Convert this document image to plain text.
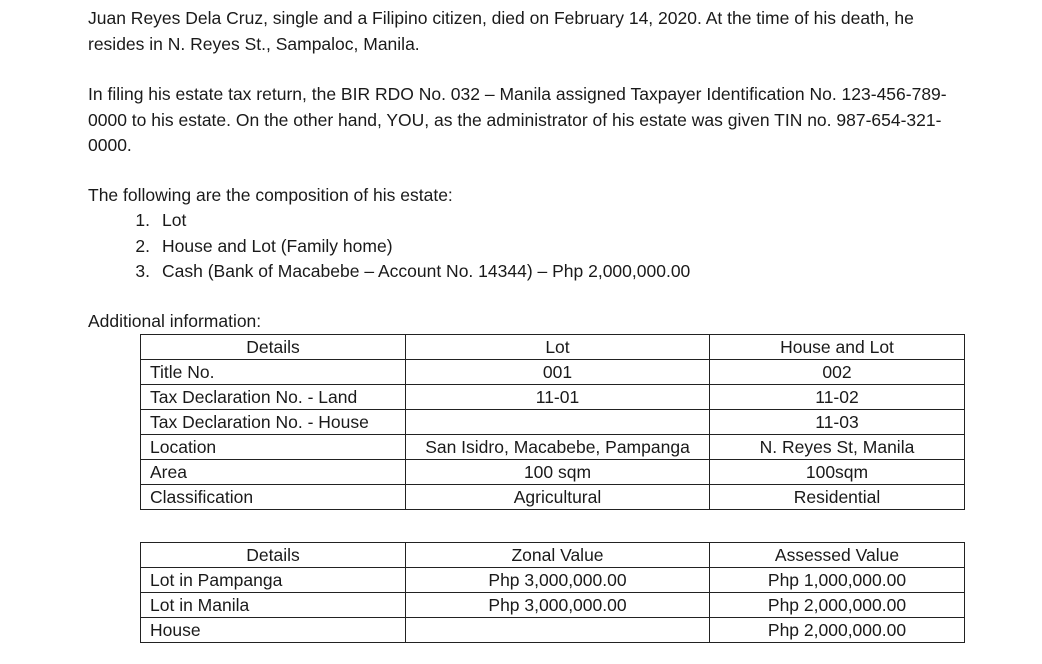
Juan Reyes Dela Cruz, single and a Filipino citizen, died on February 14, 2020. At the time of his death, he resides in N. Reyes St., Sampaloc, Manila.

In filing his estate tax return, the BIR RDO No. 032 – Manila assigned Taxpayer Identification No. 123-456-789-0000 to his estate. On the other hand, YOU, as the administrator of his estate was given TIN no. 987-654-321-0000.

The following are the composition of his estate:

1. Lot
2. House and Lot (Family home)
3. Cash (Bank of Macabebe – Account No. 14344) – Php 2,000,000.00

Additional information:

Details	Lot	House and Lot
Title No.	001	002
Tax Declaration No. - Land	11-01	11-02
Tax Declaration No. - House		11-03
Location	San Isidro, Macabebe, Pampanga	N. Reyes St, Manila
Area	100 sqm	100sqm
Classification	Agricultural	Residential
Details	Zonal Value	Assessed Value
Lot in Pampanga	Php 3,000,000.00	Php 1,000,000.00
Lot in Manila	Php 3,000,000.00	Php 2,000,000.00
House		Php 2,000,000.00
